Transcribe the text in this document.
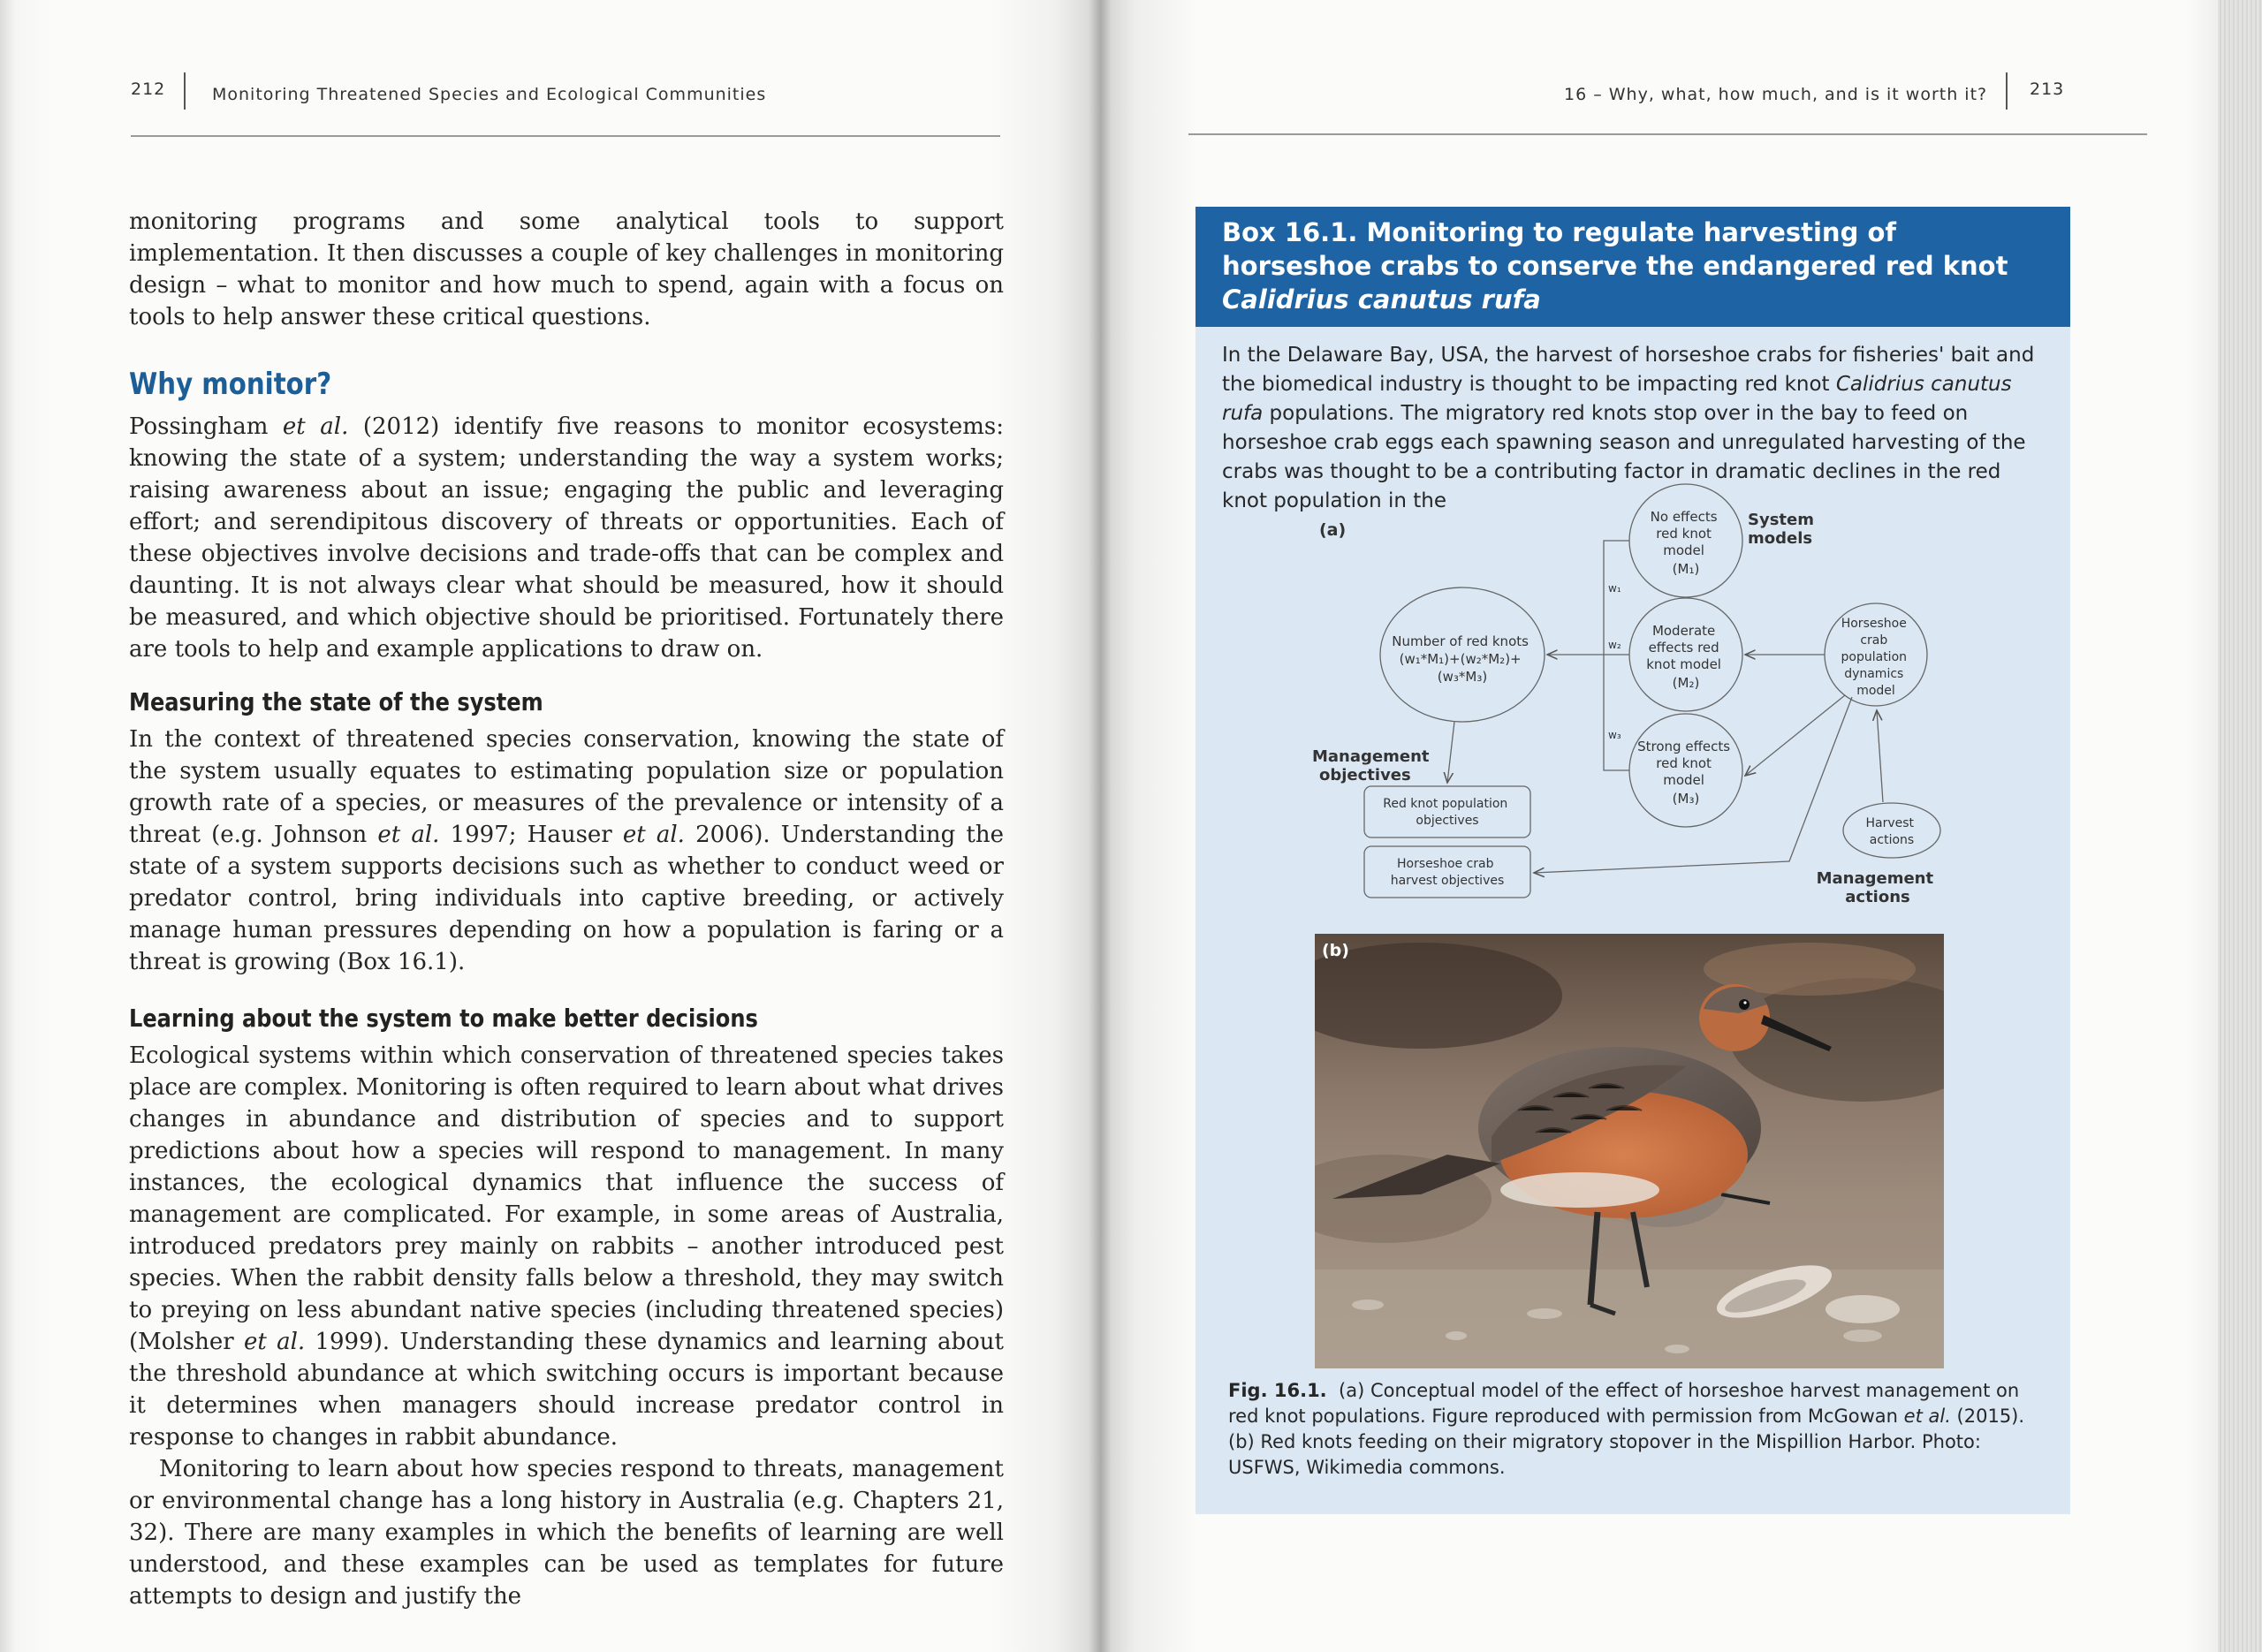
212	Monitoring Threatened Species and Ecological Communities

monitoring programs and some analytical tools to support implementation. It then discusses a couple of key challenges in monitoring design – what to monitor and how much to spend, again with a focus on tools to help answer these critical questions.

Why monitor?

Possingham et al. (2012) identify five reasons to monitor ecosystems: knowing the state of a system; understanding the way a system works; raising awareness about an issue; engaging the public and leveraging effort; and serendipitous discovery of threats or opportunities. Each of these objectives involve decisions and trade-offs that can be complex and daunting. It is not always clear what should be measured, how it should be measured, and which objective should be prioritised. Fortunately there are tools to help and example applications to draw on.

Measuring the state of the system

In the context of threatened species conservation, knowing the state of the system usually equates to estimating population size or population growth rate of a species, or measures of the prevalence or intensity of a threat (e.g. Johnson et al. 1997; Hauser et al. 2006). Understanding the state of a system supports decisions such as whether to conduct weed or predator control, bring individuals into captive breeding, or actively manage human pressures depending on how a population is faring or a threat is growing (Box 16.1).

Learning about the system to make better decisions

Ecological systems within which conservation of threatened species takes place are complex. Monitoring is often required to learn about what drives changes in abundance and distribution of species and to support predictions about how a species will respond to management. In many instances, the ecological dynamics that influence the success of management are complicated. For example, in some areas of Australia, introduced predators prey mainly on rabbits – another introduced pest species. When the rabbit density falls below a threshold, they may switch to preying on less abundant native species (including threatened species) (Molsher et al. 1999). Understanding these dynamics and learning about the threshold abundance at which switching occurs is important because it determines when managers should increase predator control in response to changes in rabbit abundance.

Monitoring to learn about how species respond to threats, management or environmental change has a long history in Australia (e.g. Chapters 21, 32). There are many examples in which the benefits of learning are well understood, and these examples can be used as templates for future attempts to design and justify the

16 – Why, what, how much, and is it worth it?	213
Box 16.1. Monitoring to regulate harvesting of horseshoe crabs to conserve the endangered red knot Calidrius canutus rufa
In the Delaware Bay, USA, the harvest of horseshoe crabs for fisheries' bait and the biomedical industry is thought to be impacting red knot Calidrius canutus rufa populations. The migratory red knots stop over in the bay to feed on horseshoe crab eggs each spawning season and unregulated harvesting of the crabs was thought to be a contributing factor in dramatic declines in the red knot population in the
(a)
System models
No effects red knot model (M₁)
Moderate effects red knot model (M₂)
Strong effects red knot model (M₃)
w₁
w₂
w₃
Number of red knots (w₁*M₁)+(w₂*M₂)+ (w₃*M₃)
Horseshoe crab population dynamics model
Harvest actions
Management objectives
Red knot population objectives
Horseshoe crab harvest objectives	Management actions
(b)
Fig. 16.1. (a) Conceptual model of the effect of horseshoe harvest management on red knot populations. Figure reproduced with permission from McGowan et al. (2015).
(b) Red knots feeding on their migratory stopover in the Mispillion Harbor. Photo: USFWS, Wikimedia commons.
